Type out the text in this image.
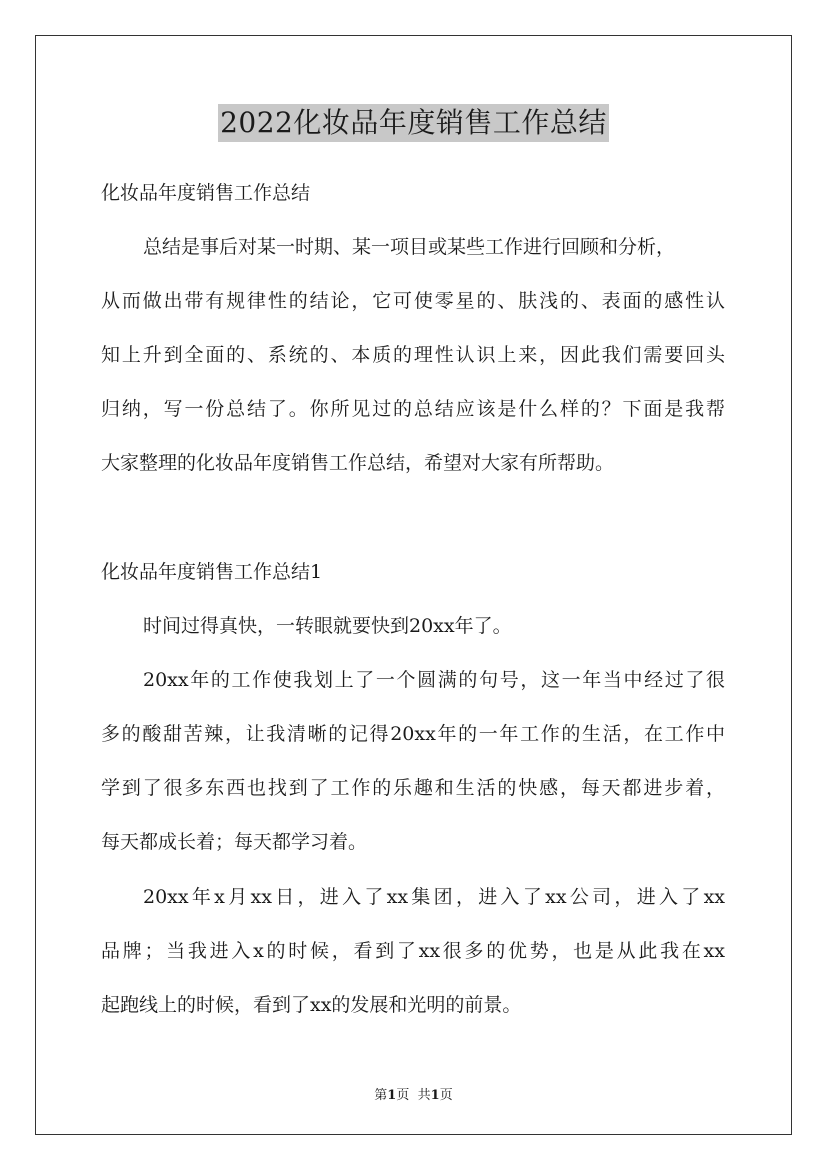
2022化妆品年度销售工作总结
化妆品年度销售工作总结
总结是事后对某一时期、某一项目或某些工作进行回顾和分析，
从而做出带有规律性的结论，它可使零星的、肤浅的、表面的感性认
知上升到全面的、系统的、本质的理性认识上来，因此我们需要回头
归纳，写一份总结了。你所见过的总结应该是什么样的？下面是我帮
大家整理的化妆品年度销售工作总结，希望对大家有所帮助。
化妆品年度销售工作总结1
时间过得真快，一转眼就要快到20xx年了。
20xx年的工作使我划上了一个圆满的句号，这一年当中经过了很
多的酸甜苦辣，让我清晰的记得20xx年的一年工作的生活，在工作中
学到了很多东西也找到了工作的乐趣和生活的快感，每天都进步着，
每天都成长着；每天都学习着。
20xx年x月xx日，进入了xx集团，进入了xx公司，进入了xx
品牌；当我进入x的时候，看到了xx很多的优势，也是从此我在xx
起跑线上的时候，看到了xx的发展和光明的前景。
第1页 共1页
